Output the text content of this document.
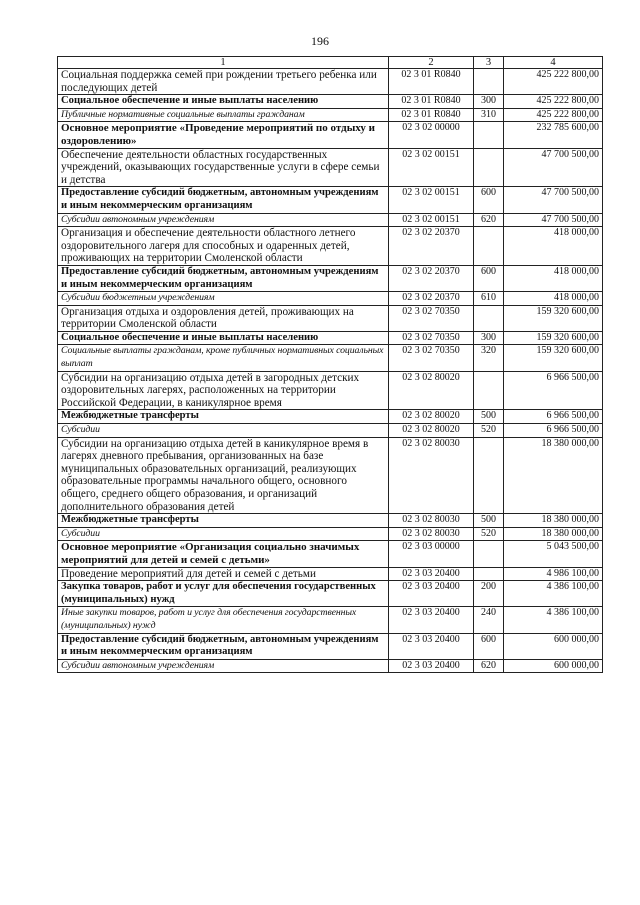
196
1	2	3	4
Социальная поддержка семей при рождении третьего ребенка или последующих детей	02 3 01 R0840		425 222 800,00
Социальное обеспечение и иные выплаты населению	02 3 01 R0840	300	425 222 800,00
Публичные нормативные социальные выплаты гражданам	02 3 01 R0840	310	425 222 800,00
Основное мероприятие «Проведение мероприятий по отдыху и оздоровлению»	02 3 02 00000		232 785 600,00
Обеспечение деятельности областных государственных учреждений, оказывающих государственные услуги в сфере семьи и детства	02 3 02 00151		47 700 500,00
Предоставление субсидий бюджетным, автономным учреждениям и иным некоммерческим организациям	02 3 02 00151	600	47 700 500,00
Субсидии автономным учреждениям	02 3 02 00151	620	47 700 500,00
Организация и обеспечение деятельности областного летнего оздоровительного лагеря для способных и одаренных детей, проживающих на территории Смоленской области	02 3 02 20370		418 000,00
Предоставление субсидий бюджетным, автономным учреждениям и иным некоммерческим организациям	02 3 02 20370	600	418 000,00
Субсидии бюджетным учреждениям	02 3 02 20370	610	418 000,00
Организация отдыха и оздоровления детей, проживающих на территории Смоленской области	02 3 02 70350		159 320 600,00
Социальное обеспечение и иные выплаты населению	02 3 02 70350	300	159 320 600,00
Социальные выплаты гражданам, кроме публичных нормативных социальных выплат	02 3 02 70350	320	159 320 600,00
Субсидии на организацию отдыха детей в загородных детских оздоровительных лагерях, расположенных на территории Российской Федерации, в каникулярное время	02 3 02 80020		6 966 500,00
Межбюджетные трансферты	02 3 02 80020	500	6 966 500,00
Субсидии	02 3 02 80020	520	6 966 500,00
Субсидии на организацию отдыха детей в каникулярное время в лагерях дневного пребывания, организованных на базе муниципальных образовательных организаций, реализующих образовательные программы начального общего, основного общего, среднего общего образования, и организаций дополнительного образования детей	02 3 02 80030		18 380 000,00
Межбюджетные трансферты	02 3 02 80030	500	18 380 000,00
Субсидии	02 3 02 80030	520	18 380 000,00
Основное мероприятие «Организация социально значимых мероприятий для детей и семей с детьми»	02 3 03 00000		5 043 500,00
Проведение мероприятий для детей и семей с детьми	02 3 03 20400		4 986 100,00
Закупка товаров, работ и услуг для обеспечения государственных (муниципальных) нужд	02 3 03 20400	200	4 386 100,00
Иные закупки товаров, работ и услуг для обеспечения государственных (муниципальных) нужд	02 3 03 20400	240	4 386 100,00
Предоставление субсидий бюджетным, автономным учреждениям и иным некоммерческим организациям	02 3 03 20400	600	600 000,00
Субсидии автономным учреждениям	02 3 03 20400	620	600 000,00
